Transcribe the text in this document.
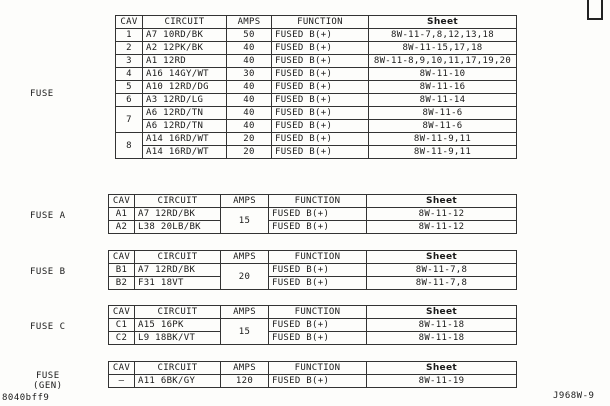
FUSE
CAV	CIRCUIT	AMPS	FUNCTION	Sheet
1	A7 10RD/BK	50	FUSED B(+)	8W-11-7,8,12,13,18
2	A2 12PK/BK	40	FUSED B(+)	8W-11-15,17,18
3	A1 12RD	40	FUSED B(+)	8W-11-8,9,10,11,17,19,20
4	A16 14GY/WT	30	FUSED B(+)	8W-11-10
5	A10 12RD/DG	40	FUSED B(+)	8W-11-16
6	A3 12RD/LG	40	FUSED B(+)	8W-11-14
7	A6 12RD/TN	40	FUSED B(+)	8W-11-6
	A6 12RD/TN	40	FUSED B(+)	8W-11-6
8	A14 16RD/WT	20	FUSED B(+)	8W-11-9,11
	A14 16RD/WT	20	FUSED B(+)	8W-11-9,11
FUSE A
CAV	CIRCUIT	AMPS	FUNCTION	Sheet
A1	A7 12RD/BK	15	FUSED B(+)	8W-11-12
A2	L38 20LB/BK		FUSED B(+)	8W-11-12
FUSE B
CAV	CIRCUIT	AMPS	FUNCTION	Sheet
B1	A7 12RD/BK	20	FUSED B(+)	8W-11-7,8
B2	F31 18VT		FUSED B(+)	8W-11-7,8
FUSE C
CAV	CIRCUIT	AMPS	FUNCTION	Sheet
C1	A15 16PK	15	FUSED B(+)	8W-11-18
C2	L9 18BK/VT		FUSED B(+)	8W-11-18
FUSE
(GEN)
CAV	CIRCUIT	AMPS	FUNCTION	Sheet
–	A11 6BK/GY	120	FUSED B(+)	8W-11-19
8040bff9	J968W-9
